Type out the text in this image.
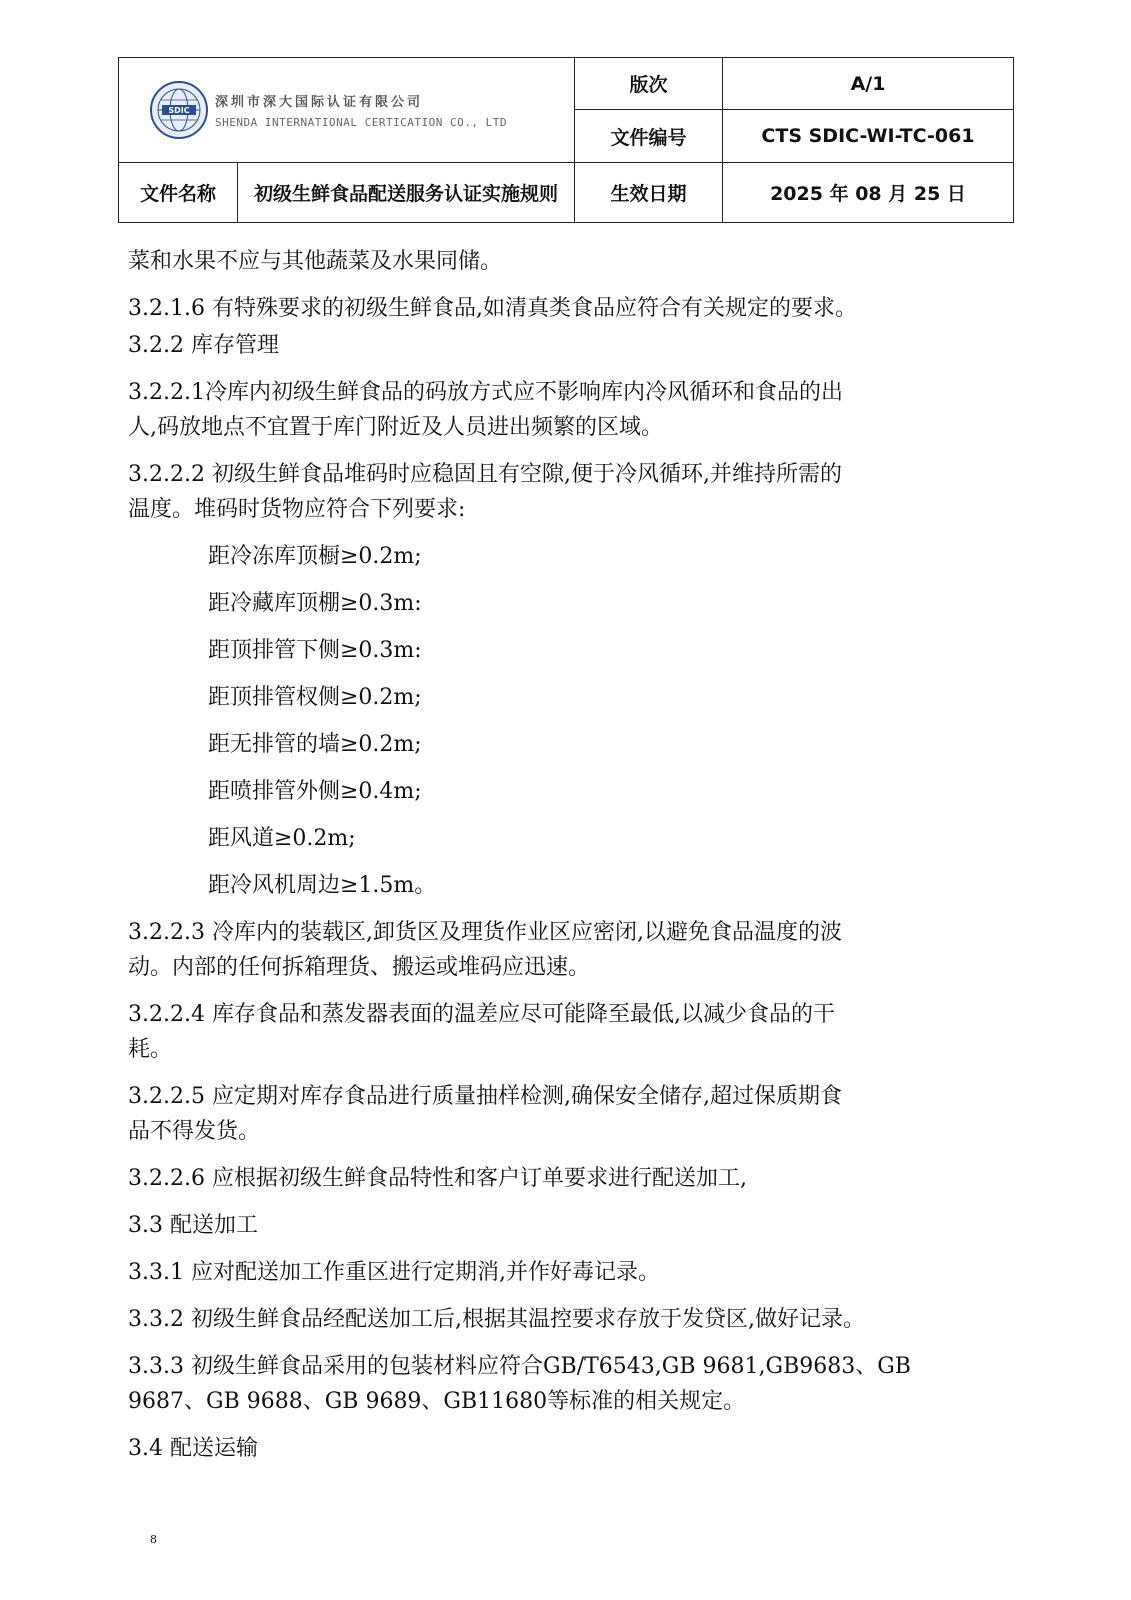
SDIC
深圳市深大国际认证有限公司
SHENDA INTERNATIONAL CERTICATION CO., LTD		版次	A/1
		文件编号	CTS SDIC-WI-TC-061
文件名称	初级生鲜食品配送服务认证实施规则	生效日期	2025 年 08 月 25 日

菜和水果不应与其他蔬菜及水果同储。

3.2.1.6 有特殊要求的初级生鲜食品,如清真类食品应符合有关规定的要求。

3.2.2 库存管理

3.2.2.1冷库内初级生鲜食品的码放方式应不影响库内冷风循环和食品的出

人,码放地点不宜置于库门附近及人员进出频繁的区域。

3.2.2.2 初级生鲜食品堆码时应稳固且有空隙,便于冷风循环,并维持所需的

温度。堆码时货物应符合下列要求:

距冷冻库顶橱≥0.2m;

距冷藏库顶棚≥0.3m:

距顶排管下侧≥0.3m:

距顶排管杈侧≥0.2m;

距无排管的墙≥0.2m;

距喷排管外侧≥0.4m;

距风道≥0.2m;

距冷风机周边≥1.5m。

3.2.2.3 冷库内的装载区,卸货区及理货作业区应密闭,以避免食品温度的波

动。内部的任何拆箱理货、搬运或堆码应迅速。

3.2.2.4 库存食品和蒸发器表面的温差应尽可能降至最低,以减少食品的干

耗。

3.2.2.5 应定期对库存食品进行质量抽样检测,确保安全储存,超过保质期食

品不得发货。

3.2.2.6 应根据初级生鲜食品特性和客户订单要求进行配送加工,

3.3 配送加工

3.3.1 应对配送加工作重区进行定期消,并作好毒记录。

3.3.2 初级生鲜食品经配送加工后,根据其温控要求存放于发贷区,做好记录。

3.3.3 初级生鲜食品采用的包装材料应符合GB/T6543,GB 9681,GB9683、GB

9687、GB 9688、GB 9689、GB11680等标准的相关规定。

3.4 配送运输

8
